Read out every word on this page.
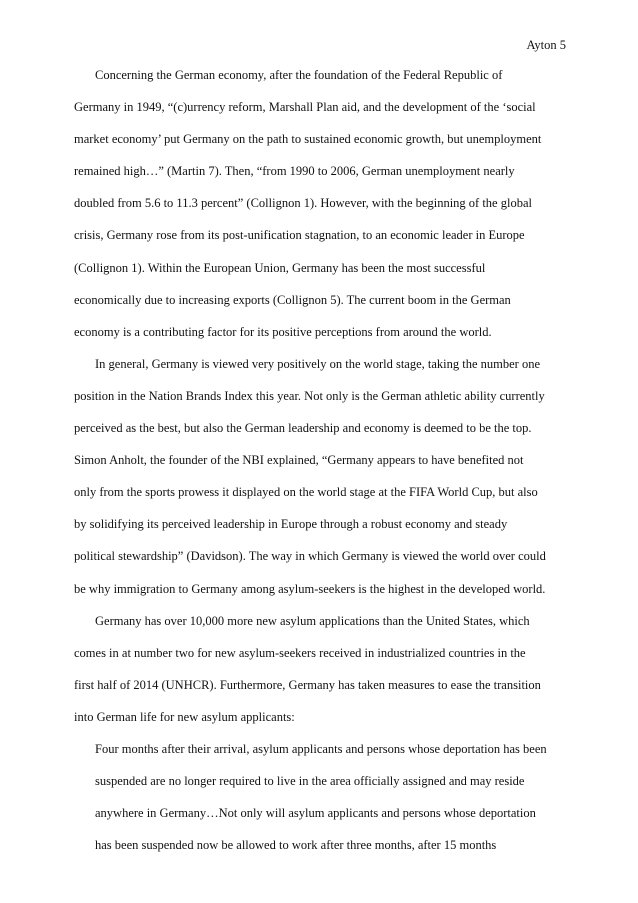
Ayton 5
Concerning the German economy, after the foundation of the Federal Republic of
Germany in 1949, “(c)urrency reform, Marshall Plan aid, and the development of the ‘social
market economy’ put Germany on the path to sustained economic growth, but unemployment
remained high…” (Martin 7). Then, “from 1990 to 2006, German unemployment nearly
doubled from 5.6 to 11.3 percent” (Collignon 1). However, with the beginning of the global
crisis, Germany rose from its post-unification stagnation, to an economic leader in Europe
(Collignon 1). Within the European Union, Germany has been the most successful
economically due to increasing exports (Collignon 5). The current boom in the German
economy is a contributing factor for its positive perceptions from around the world.
In general, Germany is viewed very positively on the world stage, taking the number one
position in the Nation Brands Index this year. Not only is the German athletic ability currently
perceived as the best, but also the German leadership and economy is deemed to be the top.
Simon Anholt, the founder of the NBI explained, “Germany appears to have benefited not
only from the sports prowess it displayed on the world stage at the FIFA World Cup, but also
by solidifying its perceived leadership in Europe through a robust economy and steady
political stewardship” (Davidson). The way in which Germany is viewed the world over could
be why immigration to Germany among asylum-seekers is the highest in the developed world.
Germany has over 10,000 more new asylum applications than the United States, which
comes in at number two for new asylum-seekers received in industrialized countries in the
first half of 2014 (UNHCR). Furthermore, Germany has taken measures to ease the transition
into German life for new asylum applicants:
Four months after their arrival, asylum applicants and persons whose deportation has been
suspended are no longer required to live in the area officially assigned and may reside
anywhere in Germany…Not only will asylum applicants and persons whose deportation
has been suspended now be allowed to work after three months, after 15 months
